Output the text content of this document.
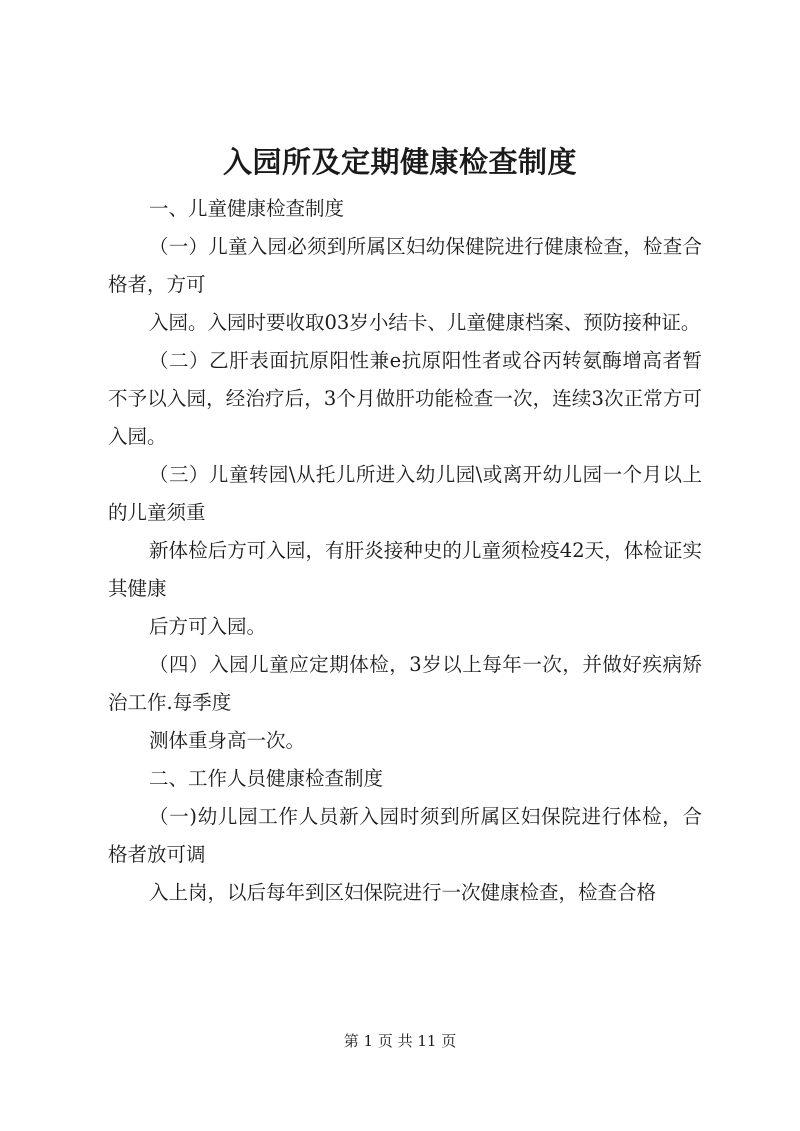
入园所及定期健康检查制度

一、儿童健康检查制度

（一）儿童入园必须到所属区妇幼保健院进行健康检查，检查合格者，方可

入园。入园时要收取03岁小结卡、儿童健康档案、预防接种证。

（二）乙肝表面抗原阳性兼e抗原阳性者或谷丙转氨酶增高者暂不予以入园，经治疗后，3个月做肝功能检查一次，连续3次正常方可入园。

（三）儿童转园\从托儿所进入幼儿园\或离开幼儿园一个月以上的儿童须重

新体检后方可入园，有肝炎接种史的儿童须检疫42天，体检证实其健康

后方可入园。

（四）入园儿童应定期体检，3岁以上每年一次，并做好疾病矫治工作.每季度

测体重身高一次。

二、工作人员健康检查制度

（一)幼儿园工作人员新入园时须到所属区妇保院进行体检，合格者放可调

入上岗，以后每年到区妇保院进行一次健康检查，检查合格

第 1 页 共 11 页
